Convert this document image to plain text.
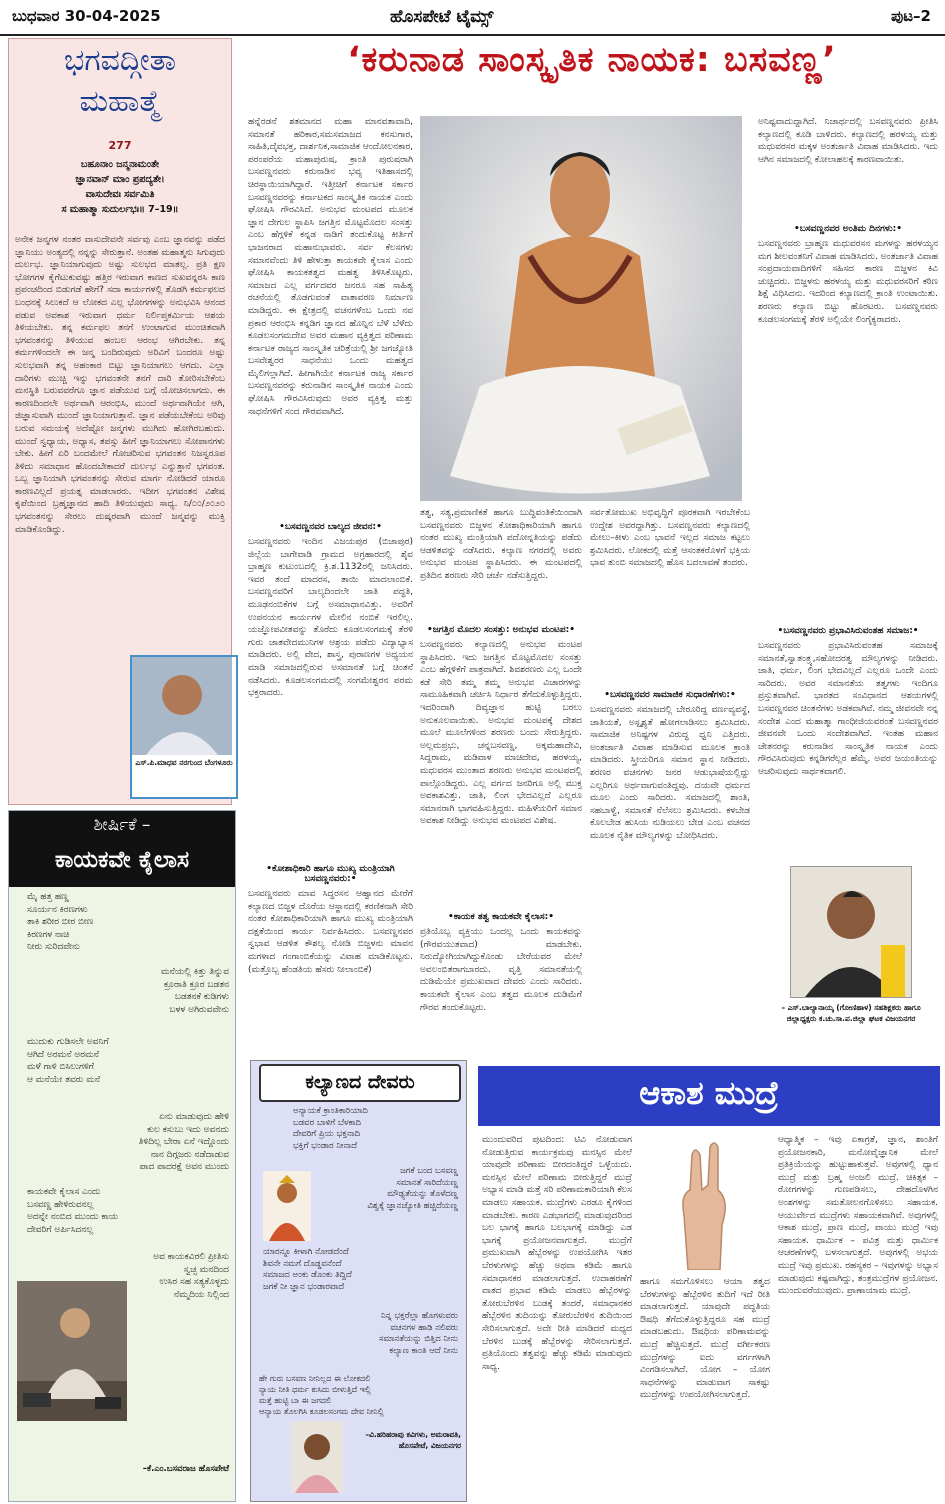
ಬುಧವಾರ 30-04-2025	ಹೊಸಪೇಟೆ ಟೈಮ್ಸ್	ಪುಟ–2
ಭಗವದ್ಗೀತಾ
ಮಹಾತ್ಮೆ
277
ಬಹೂನಾಂ ಜನ್ಮನಾಮಂತೇ
ಜ್ಞಾನವಾನ್ ಮಾಂ ಪ್ರಪದ್ಯತೇ।
ವಾಸುದೇವಃ ಸರ್ವಮಿತಿ
ಸ ಮಹಾತ್ಮಾ ಸುದುರ್ಲಭಃ॥ 7–19॥
ಅನೇಕ ಜನ್ಮಗಳ ನಂತರ ವಾಸುದೇವನೇ ಸರ್ವವು ಎಂಬ ಜ್ಞಾನವನ್ನು ಪಡೆದ ಜ್ಞಾನಿಯು ಅಂತ್ಯದಲ್ಲಿ ನನ್ನನ್ನು ಸೇರುತ್ತಾನೆ. ಅಂತಹ ಮಹಾತ್ಮನು ಸಿಗುವುದು ದುರ್ಲಭ. ಜ್ಞಾನಿಯಾಗುವುದು ಅಷ್ಟು ಸುಲಭದ ಮಾತಲ್ಲ. ಪ್ರತಿ ಕ್ಷಣ ಭೋಗಗಳ ಕೈಗೆಟುಕುವಷ್ಟು ಹತ್ತಿರ ಇರುವಾಗ ಕಾಣದ ಸುಖವನ್ನರಸಿ ಕಾಣ ಪ್ರಪಂಚದಿಂದ ಬಿಡುಗಡೆ ಹೇಗೆ? ಸದಾ ಕಾರ್ಯಗಳಲ್ಲಿ ತೊಡಗಿ ಕರ್ಮಫಲದ ಬಂಧನಕ್ಕೆ ಸಿಲುಕದೆ ಆ ಲೋಕದ ಎಲ್ಲ ಭೋಗಗಳನ್ನು ಅನುಭವಿಸಿ ಆನಂದ ಪಡುವ ಅವಕಾಶ ಇರುವಾಗ ಧರ್ಮ ನಿರ್ಲಿಪ್ತಕರ್ಮಿಯ ಆಶಯ ತಿಳಿಯಬೇಕು. ತನ್ನ ಕರ್ಮಫಲ ತನಗೆ ಉಂಟಾಗುವ ಮುಂಚಿತವಾಗಿ ಭಗವಂತನನ್ನು ತಿಳಿಯುವ ಹಂಬಲ ಆರಂಭ ಆಗಿರಬೇಕು. ತನ್ನ ಕರ್ಮಗಳಿಂದಲೇ ಈ ಜನ್ಮ ಬಂದಿರುವುದು ಅರಿವಿಗೆ ಬಂದರೂ ಅಷ್ಟು ಸುಲಭವಾಗಿ ತನ್ನ ಅಹಂಕಾರ ಬಿಟ್ಟು ಜ್ಞಾನಿಯಾಗಲು ಆಗದು. ಎಲ್ಲಾ ದಾರಿಗಳು ಮುಚ್ಚಿ ಇನ್ನು ಭಗವಂತನೇ ತನಗೆ ದಾರಿ ತೋರಿಸಬೇಕೆಂಬ ಮನಸ್ಥಿತಿ ಬರುವವರೆಗೂ ಜ್ಞಾನ ಪಡೆಯುವ ಬಗ್ಗೆ ಯೋಚಿಸಲಾಗದು. ಈ ಕಾರಣದಿಂದಲೇ ಅರ್ಥವಾಗಿ ಆರಂಭಿಸಿ, ಮುಂದೆ ಅರ್ಥವಾಗಿಯೇ ಆಗಿ, ಜಿಜ್ಞಾಸುವಾಗಿ ಮುಂದೆ ಜ್ಞಾನಿಯಾಗುತ್ತಾನೆ. ಜ್ಞಾನ ಪಡೆಯಬೇಕೆಂಬ ಅರಿವು ಬರುವ ಸಮಯಕ್ಕೆ ಅದೆಷ್ಟೋ ಜನ್ಮಗಳು ಮುಗಿದು ಹೋಗಿರಬಹುದು. ಮುಂದೆ ಸ್ವಧ್ಯಾಯ, ಅಧ್ಯಾಸ, ತಪಸ್ಸು ಹೀಗೆ ಜ್ಞಾನಿಯಾಗಲು ಸೋಪಾನಗಳು ಬೇಕು. ಹೀಗೆ ಏರಿ ಬಂದಮೇಲೆ ಗೋಚರಿಸುವ ಭಗವಂತನ ನಿಜಸ್ವರೂಪ ತಿಳಿದು ಸಮಾಧಾನ ಹೊಂದಬೇಕಾದರೆ ದುರ್ಲಭ ಎನ್ನುತ್ತಾನೆ ಭಗವಂತ. ಒಬ್ಬ ಜ್ಞಾನಿಯಾಗಿ ಭಗವಂತನನ್ನು ಸೇರುವ ಮಾರ್ಗ ನೋಡಿದರೆ ಯಾರೂ ಕಾರಣವಿಲ್ಲದೆ ಪ್ರಯತ್ನ ಮಾಡಲಾರರು. ಇದೀಗ ಭಗವಂತನ ವಿಶೇಷ ಕೃಪೆಯಿಂದ ಬ್ರಹ್ಮಜ್ಞಾನದ ಹಾದಿ ತಿಳಿಯುವುದು ಸಾಧ್ಯ. ನಿ/೦೦/೨೦೨೦ ಭಗವಂತನನ್ನು ಸೇರಲು ದುಷ್ಕರವಾಗಿ ಮುಂದೆ ಜನ್ಮವನ್ನು ಮುಕ್ತಿ ಮಾಡಿಕೊಂಡಿದ್ದು.
ಎಸ್.ಪಿ.ಮಾಧವ ನರಗುಂದ ಬೆಂಗಳೂರು
ಶೀರ್ಷಿಕೆ –
ಕಾಯಕವೇ ಕೈಲಾಸ
ಮೈ ಹತ್ತ ಹಣ್ಣ
ಸೂರ್ಯನ ಕಿರಣಗಳು
ತಾಕಿ ಶರೀರ ಬೀರ ಬೀಣ
ಕಿರಣಗಳ ನಾಚಿ
ನೀರು ಸುರಿದವೇನು
ಮನೆಯಲ್ಲಿ ಕಿತ್ತು ತಿನ್ನುವ
ಕ್ರೂರಾತಿ ಕ್ರೂರ ಬಡತನ
ಬಡತನಕೆ ಕುಡಿಗಳು
ಬಳಳ ಅಗಿರುವವೇನು
ಮುದುಕು ಗುಡಿಸಲೇ ಅವನಿಗೆ
ಆಗಿದೆ ಅರಮನೆ ಅರಮನೆ
ಮಳೆ ಗಾಳಿ ಬಿಸಿಲುಗಳಿಗೆ
ಆ ಮನೆಯೇ ತವರು ಮನೆ
ಏನು ಮಾಡುವುದು ಹೇಳಿ
ಕುಲ ಕಸುಬು ಇದು ಅವನದು
ತಿಳಿದಿಲ್ಲ ಬೇರಾ ಏನೆ ಇದ್ದೊಂದು
ನಾನ ದಿಗ್ಗಜರು ನಡೆದಾಡುವ
ಪಾದ ಪಾದರಕ್ಷೆ ಅವನ ಮುಂದು
ಕಾಯಕವೇ ಕೈಲಾಸ ಎಂದು
ಬಸವಣ್ಣ ಹೇಳಿರುವನಲ್ಲ
ಅದನ್ನೇ ನಂಬಿದ ಮುಂದು ಕಾಯ
ದೇವರಿಗೆ ಅರ್ಪಿಸಿದನಲ್ಲ
ಅವ ಕಾಯಕವಿರಲಿ ಪ್ರೀತಿಸು
ಸ್ವಚ್ಛ ಮನದಿಂದ
ಉಸಿರ ಸಹ ಸತ್ಯಕೊಳ್ಳದು
ನೆಮ್ಮದಿಯ ನಿಲ್ಲಿಂದ
–ಕೆ.ಎಂ.ಬಸವರಾಜ ಹೊಸಪೇಟೆ
‘ಕರುನಾಡ ಸಾಂಸ್ಕೃತಿಕ ನಾಯಕ: ಬಸವಣ್ಣ’
ಹನ್ನೆರಡನೆ ಶತಮಾನದ ಮಹಾ ಮಾನವತಾವಾದಿ, ಸಮಾನತೆ ಹರಿಕಾರ,ಸಮಸಮಾಜದ ಕನಸುಗಾರ, ಸಾಹಿತಿ,ದೈವಭಕ್ತ, ದಾರ್ಶನಿಕ,ಸಾಮಾಜಿಕ ಆಂದೋಲನಕಾರ, ಪರಂಪರೆಯ ಮಹಾಪುರುಷ, ಕ್ರಾಂತಿ ಪುರುಷರಾಗಿ ಬಸವಣ್ಣನವರು ಕರುನಾಡಿನ ಭವ್ಯ ಇತಿಹಾಸದಲ್ಲಿ ಚಿರಸ್ಥಾಯಿಯಾಗಿದ್ದಾರೆ. ಇತ್ತೀಚಿಗೆ ಕರ್ನಾಟಕ ಸರ್ಕಾರ ಬಸವಣ್ಣನವರನ್ನು ಕರ್ನಾಟಕದ ಸಾಂಸ್ಕೃತಿಕ ನಾಯಕ ಎಂದು ಘೋಷಿಸಿ ಗೌರವಿಸಿದೆ. ಅನುಭವ ಮಂಟಪದ ಮೂಲಕ ಜ್ಞಾನ ದೇಗುಲ ಸ್ಥಾಪಿಸಿ ಜಗತ್ತಿನ ಮೊಟ್ಟಮೊದಲ ಸಂಸತ್ತು ಎಂಬ ಹೆಗ್ಗಳಿಕೆ ಕನ್ನಡ ನಾಡಿಗೆ ತಂದುಕೊಟ್ಟ ಕೀರ್ತಿಗೆ ಭಾಜನರಾದ ಮಹಾನುಭಾವರು. ಸರ್ವ ಕೆಲಸಗಳು ಸಮಾನವೆಂದು ತಿಳಿ ಹೇಳುತ್ತಾ ಕಾಯಕವೇ ಕೈಲಾಸ ಎಂದು ಘೋಷಿಸಿ ಕಾಯಕತತ್ವದ ಮಹತ್ವ ತಿಳಿಸಿಕೊಟ್ಟರು. ಸಮಾಜದ ಎಲ್ಲ ವರ್ಗದವರ ಜನರೂ ಸಹ ಸಾಹಿತ್ಯ ರಚನೆಯಲ್ಲಿ ತೊಡಗುವಂತೆ ವಾತಾವರಣ ನಿರ್ಮಾಣ ಮಾಡಿದ್ದರು. ಈ ಕ್ಷೇತ್ರದಲ್ಲಿ ವಚನಗಳೆಂಬ ಒಂದು ನವ ಪ್ರಕಾರ ಆರಂಭಿಸಿ ಕನ್ನಡಿಗ ಜ್ಞಾನದ ಹೊನ್ನಿನ ಬೆಳೆ ಬೆಳೆದು ಕೂಡಲಸಂಗಮದೇವ ಅವರ ಮಹಾನ ವ್ಯಕ್ತಿತ್ವದ ಪರಿಣಾಮ ಕರ್ನಾಟಕ ರಾಜ್ಯದ ಸಾಂಸ್ಕೃತಿಕ ಚರಿತ್ರೆಯಲ್ಲಿ ಶ್ರೀ ಜಗಜ್ಯೋತಿ ಬಸವೇಶ್ವರರ ಸಾಧನೆಯು ಒಂದು ಮಹತ್ವದ ಮೈಲಿಗಲ್ಲಾಗಿದೆ. ಹೀಗಾಗಿಯೇ ಕರ್ನಾಟಕ ರಾಜ್ಯ ಸರ್ಕಾರ ಬಸವಣ್ಣನವರನ್ನು ಕರುನಾಡಿನ ಸಾಂಸ್ಕೃತಿಕ ನಾಯಕ ಎಂದು ಘೋಷಿಸಿ ಗೌರವಿಸಿರುವುದು ಅವರ ವ್ಯಕ್ತಿತ್ವ ಮತ್ತು ಸಾಧನೆಗಳಿಗೆ ಸಂದ ಗೌರವವಾಗಿದೆ.
•ಬಸವಣ್ಣನವರ ಬಾಲ್ಯದ ಜೀವನ:•
ಬಸವಣ್ಣನವರು ಇಂದಿನ ವಿಜಯಪುರ (ಬಿಜಾಪುರ) ಜಿಲ್ಲೆಯ ಬಾಗೇವಾಡಿ ಗ್ರಾಮದ ಅಗ್ರಹಾರದಲ್ಲಿ ಶೈವ ಬ್ರಾಹ್ಮಣ ಕುಟುಂಬದಲ್ಲಿ ಕ್ರಿ.ಶ.1132ರಲ್ಲಿ ಜನಿಸಿದರು. ಇವರ ತಂದೆ ಮಾದರಸ, ತಾಯಿ ಮಾದಲಾಂಬಿಕೆ. ಬಸವಣ್ಣನವರಿಗೆ ಬಾಲ್ಯದಿಂದಲೇ ಜಾತಿ ಪದ್ಧತಿ, ಮೂಢನಂಬಿಕೆಗಳ ಬಗ್ಗೆ ಅಸಮಾಧಾನವಿತ್ತು. ಅವರಿಗೆ ಉಪನಯನ ಕಾರ್ಯಗಳ ಮೇಲಿನ ನಂಬಿಕೆ ಇರಲಿಲ್ಲ. ಯಜ್ಞೋಪವೀತವನ್ನು ತೊರೆದು ಕೂಡಲಸಂಗಮಕ್ಕೆ ತೆರಳಿ ಗುರು ಜಾತವೇದಮುನಿಗಳ ಆಶ್ರಯ ಪಡೆದು ವಿದ್ಯಾಭ್ಯಾಸ ಮಾಡಿದರು. ಅಲ್ಲಿ ವೇದ, ಶಾಸ್ತ್ರ, ಪುರಾಣಗಳ ಅಧ್ಯಯನ ಮಾಡಿ ಸಮಾಜದಲ್ಲಿರುವ ಅಸಮಾನತೆ ಬಗ್ಗೆ ಚಿಂತನೆ ನಡೆಸಿದರು. ಕೂಡಲಸಂಗಮದಲ್ಲಿ ಸಂಗಮೇಶ್ವರನ ಪರಮ ಭಕ್ತರಾದರು.
•ಕೋಶಾಧಿಕಾರಿ ಹಾಗೂ ಮುಖ್ಯ ಮಂತ್ರಿಯಾಗಿ ಬಸವಣ್ಣನವರು:•
ಬಸವಣ್ಣನವರು ಮಾವ ಸಿದ್ಧರಸನ ಆಹ್ವಾನದ ಮೇರೆಗೆ ಕಲ್ಯಾಣದ ಬಿಜ್ಜಳ ದೊರೆಯ ಆಸ್ಥಾನದಲ್ಲಿ ಕರಣಿಕನಾಗಿ ಸೇರಿ ನಂತರ ಕೋಶಾಧಿಕಾರಿಯಾಗಿ ಹಾಗೂ ಮುಖ್ಯ ಮಂತ್ರಿಯಾಗಿ ದಕ್ಷತೆಯಿಂದ ಕಾರ್ಯ ನಿರ್ವಹಿಸಿದರು. ಬಸವಣ್ಣನವರ ಸ್ವಭಾವ ಆಡಳಿತ ಕೌಶಲ್ಯ ನೋಡಿ ಬಿಜ್ಜಳನು ಮಾವನ ಮಗಳಾದ ಗಂಗಾಂಬಿಕೆಯನ್ನು ವಿವಾಹ ಮಾಡಿಕೊಟ್ಟನು. (ಮತ್ತೊಬ್ಬ ಹೆಂಡತಿಯ ಹೆಸರು ನೀಲಾಂಬಿಕೆ)
ತತ್ವ, ಸತ್ಯ,ಪ್ರಮಾಣಿಕತೆ ಹಾಗೂ ಬುದ್ಧಿವಂತಿಕೆಯಿಂದಾಗಿ ಬಸವಣ್ಣನವರು ಬಿಜ್ಜಳನ ಕೋಶಾಧಿಕಾರಿಯಾಗಿ ಹಾಗೂ ನಂತರ ಮುಖ್ಯ ಮಂತ್ರಿಯಾಗಿ ಪದೋನ್ನತಿಯನ್ನು ಪಡೆದು ಆಡಳಿತವನ್ನು ನಡೆಸಿದರು. ಕಲ್ಯಾಣ ನಗರದಲ್ಲಿ ಅವರು ಅನುಭವ ಮಂಟಪ ಸ್ಥಾಪಿಸಿದರು. ಈ ಮಂಟಪದಲ್ಲಿ ಪ್ರತಿದಿನ ಶರಣರು ಸೇರಿ ಚರ್ಚೆ ನಡೆಸುತ್ತಿದ್ದರು.
•ಜಗತ್ತಿನ ಮೊದಲ ಸಂಸತ್ತು: ಅನುಭವ ಮಂಟಪ:•
ಬಸವಣ್ಣನವರು ಕಲ್ಯಾಣದಲ್ಲಿ ಅನುಭವ ಮಂಟಪ ಸ್ಥಾಪಿಸಿದರು. ಇದು ಜಗತ್ತಿನ ಮೊಟ್ಟಮೊದಲ ಸಂಸತ್ತು ಎಂಬ ಹೆಗ್ಗಳಿಕೆಗೆ ಪಾತ್ರವಾಗಿದೆ. ಶಿವಶರಣರು ಎಲ್ಲ ಒಂದೇ ಕಡೆ ಸೇರಿ ತಮ್ಮ ತಮ್ಮ ಅನುಭವ ವಿಚಾರಗಳನ್ನು ಸಾಮೂಹಿಕವಾಗಿ ಚರ್ಚಿಸಿ ನಿರ್ಧಾರ ತೆಗೆದುಕೊಳ್ಳುತ್ತಿದ್ದರು. ಇದರಿಂದಾಗಿ ದಿವ್ಯಜ್ಞಾನ ಹುಟ್ಟಿ ಬರಲು ಅನುಕೂಲವಾಯಿತು. ಅನುಭವ ಮಂಟಪಕ್ಕೆ ದೇಶದ ಮೂಲೆ ಮೂಲೆಗಳಿಂದ ಶರಣರು ಬಂದು ಸೇರುತ್ತಿದ್ದರು. ಅಲ್ಲಮಪ್ರಭು, ಚನ್ನಬಸವಣ್ಣ, ಅಕ್ಕಮಹಾದೇವಿ, ಸಿದ್ದರಾಮ, ಮಡಿವಾಳ ಮಾಚಿದೇವ, ಹರಳಯ್ಯ, ಮಧುವರಸ ಮುಂತಾದ ಶರಣರು ಅನುಭವ ಮಂಟಪದಲ್ಲಿ ಪಾಲ್ಗೊಂಡಿದ್ದರು. ಎಲ್ಲ ವರ್ಗದ ಜನರಿಗೂ ಅಲ್ಲಿ ಮುಕ್ತ ಅವಕಾಶವಿತ್ತು. ಜಾತಿ, ಲಿಂಗ ಭೇದವಿಲ್ಲದೆ ಎಲ್ಲರೂ ಸಮಾನರಾಗಿ ಭಾಗವಹಿಸುತ್ತಿದ್ದರು. ಮಹಿಳೆಯರಿಗೆ ಸಮಾನ ಅವಕಾಶ ನೀಡಿದ್ದು ಅನುಭವ ಮಂಟಪದ ವಿಶೇಷ.
•ಕಾಯಕ ತತ್ವ ಕಾಯಕವೇ ಕೈಲಾಸ:•
ಪ್ರತಿಯೊಬ್ಬ ವ್ಯಕ್ತಿಯು ಒಂದಲ್ಲ ಒಂದು ಕಾಯಕವನ್ನು (ಗೌರವಯುತವಾದ) ಮಾಡಬೇಕು. ನಿರುದ್ಯೋಗಿಯಾಗಿದ್ದುಕೊಂಡು ಬೇರೆಯವರ ಮೇಲೆ ಅವಲಂಬಿತರಾಗಬಾರದು. ವೃತ್ತಿ ಸಮಾನತೆಯಲ್ಲಿ ದುಡಿಮೆಯೇ ಪ್ರಮುಖವಾದ ದೇವರು ಎಂದು ಸಾರಿದರು. ಕಾಯಕವೇ ಕೈಲಾಸ ಎಂಬ ತತ್ವದ ಮೂಲಕ ದುಡಿಮೆಗೆ ಗೌರವ ತಂದುಕೊಟ್ಟರು.
ಸರ್ವತೋಮುಖ ಅಭಿವೃದ್ಧಿಗೆ ಪೂರಕವಾಗಿ ಇರಬೇಕೆಂಬ ಉದ್ದೇಶ ಅವರದ್ದಾಗಿತ್ತು. ಬಸವಣ್ಣನವರು ಕಲ್ಯಾಣದಲ್ಲಿ ಮೇಲು–ಕೀಳು ಎಂಬ ಭಾವನೆ ಇಲ್ಲದ ಸಮಾಜ ಕಟ್ಟಲು ಶ್ರಮಿಸಿದರು. ಲೋಕದಲ್ಲಿ ಮತ್ತೆ ಆಸಂತಕರೊಳಗೆ ಭಕ್ತಿಯ ಭಾವ ತುಂಬಿ ಸಮಾಜದಲ್ಲಿ ಹೊಸ ಬದಲಾವಣೆ ತಂದರು.
•ಬಸವಣ್ಣನವರ ಸಾಮಾಜಿಕ ಸುಧಾರಣೆಗಳು:•
ಬಸವಣ್ಣನವರು ಸಮಾಜದಲ್ಲಿ ಬೇರೂರಿದ್ದ ವರ್ಣವ್ಯವಸ್ಥೆ, ಜಾತಿಯತೆ, ಅಸ್ಪೃಶ್ಯತೆ ಹೋಗಲಾಡಿಸಲು ಶ್ರಮಿಸಿದರು. ಸಾಮಾಜಿಕ ಅನಿಷ್ಟಗಳ ವಿರುದ್ಧ ಧ್ವನಿ ಎತ್ತಿದರು. ಅಂತರ್ಜಾತಿ ವಿವಾಹ ಮಾಡಿಸುವ ಮೂಲಕ ಕ್ರಾಂತಿ ಮಾಡಿದರು. ಸ್ತ್ರೀಯರಿಗೂ ಸಮಾನ ಸ್ಥಾನ ನೀಡಿದರು. ಶರಣರ ವಚನಗಳು ಜನರ ಆಡುಭಾಷೆಯಲ್ಲಿದ್ದು ಎಲ್ಲರಿಗೂ ಅರ್ಥವಾಗುವಂತಿದ್ದವು. ದಯವೇ ಧರ್ಮದ ಮೂಲ ಎಂದು ಸಾರಿದರು. ಸಮಾಜದಲ್ಲಿ ಶಾಂತಿ, ಸಹಬಾಳ್ವೆ, ಸಮಾನತೆ ನೆಲೆಸಲು ಶ್ರಮಿಸಿದರು. ಕಳಬೇಡ ಕೊಲಬೇಡ ಹುಸಿಯ ನುಡಿಯಲು ಬೇಡ ಎಂಬ ವಚನದ ಮೂಲಕ ನೈತಿಕ ಮೌಲ್ಯಗಳನ್ನು ಬೋಧಿಸಿದರು.
ಅನಿಷ್ಟವಾದುದ್ದಾಗಿದೆ. ನಿಜಾರ್ಥದಲ್ಲಿ ಬಸವಣ್ಣನವರು ಪ್ರೀತಿಸಿ ಕಲ್ಯಾಣದಲ್ಲಿ ಕೂಡಿ ಬಾಳಿದರು. ಕಲ್ಯಾಣದಲ್ಲಿ ಹರಳಯ್ಯ ಮತ್ತು ಮಧುವರಸರ ಮಕ್ಕಳ ಅಂತರ್ಜಾತಿ ವಿವಾಹ ಮಾಡಿಸಿದರು. ಇದು ಆಗಿನ ಸಮಾಜದಲ್ಲಿ ಕೋಲಾಹಲಕ್ಕೆ ಕಾರಣವಾಯಿತು.
•ಬಸವಣ್ಣನವರ ಅಂತಿಮ ದಿನಗಳು:•
ಬಸವಣ್ಣನವರು ಬ್ರಾಹ್ಮಣ ಮಧುವರಸನ ಮಗಳನ್ನು ಹರಳಯ್ಯನ ಮಗ ಶೀಲವಂತನಿಗೆ ವಿವಾಹ ಮಾಡಿಸಿದರು. ಅಂತರ್ಜಾತಿ ವಿವಾಹ ಸಂಪ್ರದಾಯವಾದಿಗಳಿಗೆ ಸಹಿಸದ ಕಾರಣ ಬಿಜ್ಜಳನ ಕಿವಿ ಚುಚ್ಚಿದರು. ಬಿಜ್ಜಳನು ಹರಳಯ್ಯ ಮತ್ತು ಮಧುವರಸರಿಗೆ ಕಠಿಣ ಶಿಕ್ಷೆ ವಿಧಿಸಿದನು. ಇದರಿಂದ ಕಲ್ಯಾಣದಲ್ಲಿ ಕ್ರಾಂತಿ ಉಂಟಾಯಿತು. ಶರಣರು ಕಲ್ಯಾಣ ಬಿಟ್ಟು ಹೊರಟರು. ಬಸವಣ್ಣನವರು ಕೂಡಲಸಂಗಮಕ್ಕೆ ತೆರಳಿ ಅಲ್ಲಿಯೇ ಲಿಂಗೈಕ್ಯರಾದರು.
•ಬಸವಣ್ಣನವರು ಪ್ರಭಾವಿಸಿರುವಂತಹ ಸಮಾಜ:•
ಬಸವಣ್ಣನವರು ಪ್ರಭಾವಿಸಿರುವಂತಹ ಸಮಾಜಕ್ಕೆ ಸಮಾನತೆ,ಸ್ವಾತಂತ್ರ್ಯ,ಸಹೋದರತ್ವ ಮೌಲ್ಯಗಳನ್ನು ನೀಡಿದರು. ಜಾತಿ, ಧರ್ಮ, ಲಿಂಗ ಭೇದವಿಲ್ಲದೆ ಎಲ್ಲರೂ ಒಂದೇ ಎಂದು ಸಾರಿದರು. ಅವರ ಸಮಾನತೆಯ ತತ್ವಗಳು ಇಂದಿಗೂ ಪ್ರಸ್ತುತವಾಗಿವೆ. ಭಾರತದ ಸಂವಿಧಾನದ ಆಶಯಗಳಲ್ಲಿ ಬಸವಣ್ಣನವರ ಚಿಂತನೆಗಳು ಅಡಕವಾಗಿವೆ. ನಮ್ಮ ಜೀವನವೇ ನನ್ನ ಸಂದೇಶ ಎಂದ ಮಹಾತ್ಮಾ ಗಾಂಧೀಜಿಯವರಂತೆ ಬಸವಣ್ಣನವರ ಜೀವನವೇ ಒಂದು ಸಂದೇಶವಾಗಿದೆ. ಇಂತಹ ಮಹಾನ ಚೇತನರನ್ನು ಕರುನಾಡಿನ ಸಾಂಸ್ಕೃತಿಕ ನಾಯಕ ಎಂದು ಗೌರವಿಸಿರುವುದು ಕನ್ನಡಿಗರೆಲ್ಲರ ಹೆಮ್ಮೆ. ಅವರ ಜಯಂತಿಯನ್ನು ಆಚರಿಸುವುದು ಸಾರ್ಥಕವಾಗಲಿ.
– ಎಸ್.ಬಾಲ್ಯಾನಾಯ್ಕ (ಗೋಣಿಹಾಳ) ಸಹಶಿಕ್ಷಕರು ಹಾಗೂ ಜಿಲ್ಲಾಧ್ಯಕ್ಷರು ಕ.ಚು.ಸಾ.ಪ.ಜಿಲ್ಲಾ ಘಟಕ ವಿಜಯನಗರ
ಕಲ್ಯಾಣದ ದೇವರು
ಅನ್ಯಾಯಕೆ ಕ್ರಾಂತಿಕಾರಿಯಾದಿ
ಬಡವರ ಬಾಳಿಗೆ ಬೆಳಕಾದಿ
ದೇವರಿಗೆ ಪ್ರಿಯ ಭಕ್ತನಾದಿ
ಭಕ್ತಿಗೆ ಭಂಡಾರ ನೀನಾದೆ
ಜಗಕೆ ಬಂದ ಬಸವಣ್ಣ
ಸಮಾನತೆ ಸಾರಿದೆಯಣ್ಣ
ಮೌಢ್ಯತೆಯನ್ನು ತೊಳೆದಣ್ಣ
ವಿಶ್ವಕ್ಕೆ ಜ್ಞಾನಜ್ಯೋತಿ ಹಚ್ಚಿದೆಯಣ್ಣ
ಯಾರನ್ನೂ ಕೀಳಾಗಿ ನೋಡದೆಂದೆ
ಶಿವನೇ ನಮಗೆ ದೊಡ್ಡವನೆಂದೆ
ಸಮಾಜದ ಅಂಕು ಡೊಂಕು ತಿದ್ದಿದೆ
ಜಗಕೆ ನೀ ಜ್ಞಾನ ಭಂಡಾರವಾದೆ
ನಿನ್ನ ಭಕ್ತರೆಲ್ಲಾ ಹೊಗಳುವರು
ವಚನಗಳ ಹಾಡಿ ನಲಿವರು
ಸಮಾನತೆಯನ್ನು ಬಿತ್ತಿದ ನೀನು
ಕಲ್ಯಾಣ ಕಾಂತಿ ಆದೆ ನೀನು
ಹೇ ಗುರು ಬಸವಣ ನೀನಿಲ್ಲದ ಈ ಲೋಕದಲಿ
ನ್ಯಾಯ ನೀತಿ ಧರ್ಮ ಕುಸಿದು ಬೀಳುತ್ತಿದೆ ಇಲ್ಲಿ
ಮತ್ತೆ ಹುಟ್ಟಿ ಬಾ ಈ ಜಗದಲಿ
ಆನ್ಯಾಯ ತೊಲಗಿಸಿ ಕೂಡಲಸಂಗಮ ದೇವ ನೀನಿಲ್ಲಿ
–ವಿ.ಹರಿಹರಾವು ಕವಿಗಳು, ಅಮರಾವತಿ, ಹೊಸಪೇಟೆ, ವಿಜಯನಗರ
ಆಕಾಶ ಮುದ್ರೆ
ಮುಂದುವರಿದ ಪುಟದಿಂದ: ಟಿವಿ ನೋಡುವಾಗ ನೋಡುತ್ತಿರುವ ಕಾರ್ಯಕ್ರಮವು ಮನಸ್ಸಿನ ಮೇಲೆ ಯಾವುದೇ ಪರಿಣಾಮ ಬೀರದಂತಿದ್ದರೆ ಒಳ್ಳೆಯದು. ಮನಸ್ಸಿನ ಮೇಲೆ ಪರಿಣಾಮ ಬೀರುತ್ತಿದ್ದರೆ ಮುದ್ರೆ ಅಭ್ಯಾಸ ಮಾಡಿ ಮತ್ತೆ ಸರಿ ಪರಿಣಾಮಕಾರಿಯಾಗಿ ಕೆಲಸ ಮಾಡಲು ಸಹಾಯಕ. ಮುದ್ರೆಗಳು ಎರಡೂ ಕೈಗಳಿಂದ ಮಾಡಬೇಕು. ಕಾರಣ ಎಡಭಾಗದಲ್ಲಿ ಮಾಡುವುದರಿಂದ ಬಲ ಭಾಗಕ್ಕೆ ಹಾಗೂ ಬಲಭಾಗಕ್ಕೆ ಮಾಡಿದ್ದು ಎಡ ಭಾಗಕ್ಕೆ ಪ್ರಯೋಜನವಾಗುತ್ತದೆ. ಮುದ್ರೆಗೆ ಪ್ರಮುಖವಾಗಿ ಹೆಬ್ಬೆರಳನ್ನು ಉಪಯೋಗಿಸಿ ಇತರ ಬೆರಳುಗಳನ್ನು ಹೆಚ್ಚು ಅಥವಾ ಕಡಿಮೆ ಹಾಗೂ ಸಮಾಧಾನಕರ ಮಾಡಲಾಗುತ್ತದೆ. ಉದಾಹರಣೆಗೆ ವಾತದ ಪ್ರಭಾವ ಕಡಿಮೆ ಮಾಡಲು ಹೆಬ್ಬೆರಳನ್ನು ತೋರುಬೆರಳಿನ ಬುಡಕ್ಕೆ ತಂದರೆ, ಸಮಾಧಾನಕರ ಹೆಬ್ಬೆರಳಿನ ತುದಿಯನ್ನು ತೋರುಬೆರಳಿನ ತುದಿಯಿಂದ ಸೇರಿಸಲಾಗುತ್ತದೆ. ಅದೇ ರೀತಿ ಮಾಡಿದರೆ ಮಧ್ಯದ ಬೆರಳಿನ ಬುಡಕ್ಕೆ ಹೆಬ್ಬೆರಳನ್ನು ಸೇರಿಸಲಾಗುತ್ತದೆ. ಪ್ರತಿಯೊಂದು ತತ್ವವನ್ನು ಹೆಚ್ಚು ಕಡಿಮೆ ಮಾಡುವುದು ಸಾಧ್ಯ.
ಹಾಗೂ ಸಮಗೊಳಿಸಲು ಆಯಾ ತತ್ವದ ಬೆರಳುಗಳನ್ನು ಹೆಬ್ಬೆರಳಿನ ತುದಿಗೆ ಇದೆ ರೀತಿ ಮಾಡಲಾಗುತ್ತದೆ. ಯಾವುದೇ ಪದ್ಧತಿಯ ಔಷಧಿ ತೆಗೆದುಕೊಳ್ಳುತ್ತಿದ್ದರೂ ಸಹ ಮುದ್ರೆ ಮಾಡಬಹುದು. ಔಷಧಿಯ ಪರಿಣಾಮವನ್ನು ಮುದ್ರೆ ಹೆಚ್ಚಿಸುತ್ತದೆ. ಮುದ್ರೆ ವರ್ಗೀಕರಣ ಮುದ್ರೆಗಳನ್ನು ಐದು ವರ್ಗಗಳಾಗಿ ವಿಂಗಡಿಸಲಾಗಿದೆ. ಯೋಗ – ಯೋಗ ಸಾಧನೆಗಳನ್ನು ಮಾಡುವಾಗ ಸಾಕಷ್ಟು ಮುದ್ರೆಗಳನ್ನು ಉಪಯೋಗಿಸಲಾಗುತ್ತದೆ.
ಆಧ್ಯಾತ್ಮಿಕ – ಇವು ಏಕಾಗ್ರತೆ, ಜ್ಞಾನ, ಶಾಂತಿಗೆ ಪ್ರಯೋಜನಕಾರಿ, ಮನೋವೈಜ್ಞಾನಿಕ ಮೇಲೆ ಪ್ರತಿಕ್ರಿಯೆಯನ್ನು ಹುಟ್ಟುಹಾಕುತ್ತವೆ. ಅವುಗಳಲ್ಲಿ ಧ್ಯಾನ ಮುದ್ರೆ ಮತ್ತು ಬ್ರಹ್ಮ ಅಂಜಲಿ ಮುದ್ರೆ. ಚಿಕಿತ್ಸಕ – ರೋಗಗಳನ್ನು ಗುಣಪಡಿಸಲು, ದೇಹದೊಳಗಿನ ಅಂಶಗಳನ್ನು ಸಮತೋಲನಗೊಳಿಸಲು ಸಹಾಯಕ. ಆಯುರ್ವೇದ ಮುದ್ರೆಗಳು ಸಹಾಯಕವಾಗಿವೆ. ಅವುಗಳಲ್ಲಿ ಆಕಾಶ ಮುದ್ರೆ, ಪ್ರಾಣ ಮುದ್ರೆ, ವಾಯು ಮುದ್ರೆ ಇವು ಸಹಾಯಕ. ಧಾರ್ಮಿಕ – ಪವಿತ್ರ ಮತ್ತು ಧಾರ್ಮಿಕ ಆಚರಣೆಗಳಲ್ಲಿ ಬಳಸಲಾಗುತ್ತದೆ. ಅವುಗಳಲ್ಲಿ ಅಭಯ ಮುದ್ರೆ ಇವು ಪ್ರಮುಖ. ರಹಸ್ಯಕರ – ಇವುಗಳನ್ನು ಅಭ್ಯಾಸ ಮಾಡುವುದು ಕಷ್ಟವಾಗಿದ್ದು, ತಂತ್ರಮುದ್ರೆಗಳ ಪ್ರಯೋಜನ. ಮುಂದುವರೆಯುವುದು. ಪ್ರಾಣಾಯಾಮ ಮುದ್ರೆ.
